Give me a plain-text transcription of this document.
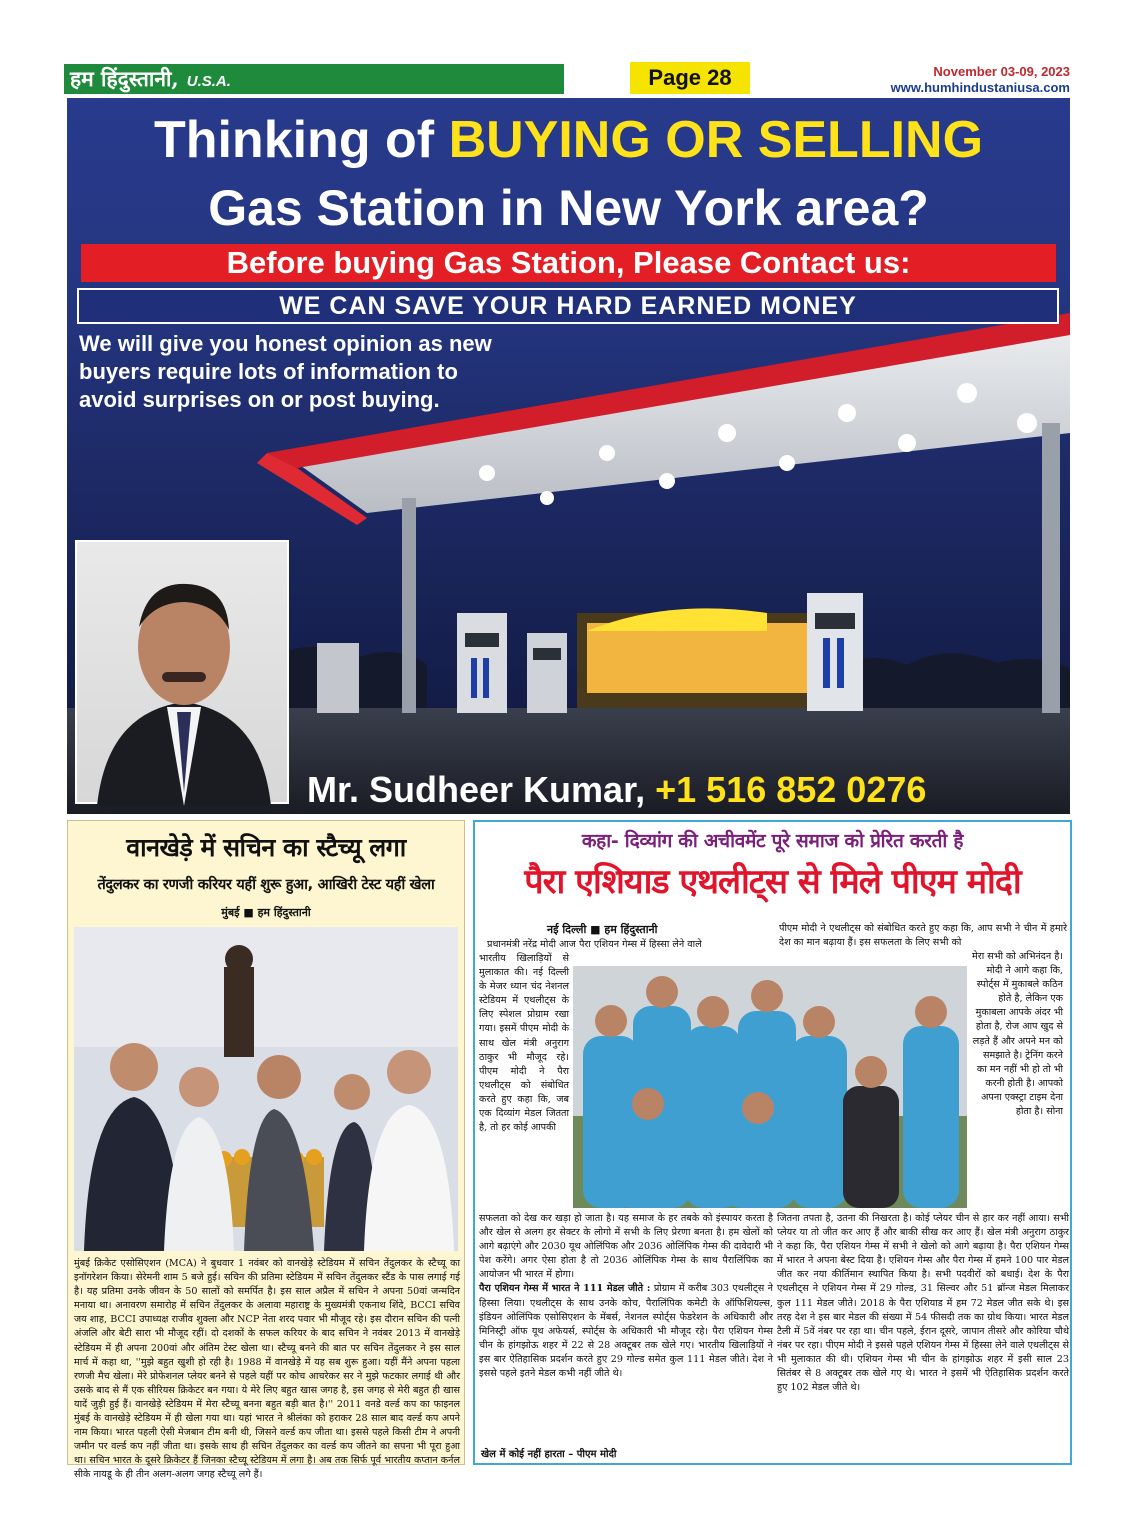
हम हिंदुस्तानी, U.S.A.	Page 28	November 03-09, 2023
www.humhindustaniusa.com
Thinking of BUYING OR SELLING
Gas Station in New York area?
Before buying Gas Station, Please Contact us:
WE CAN SAVE YOUR HARD EARNED MONEY
We will give you honest opinion as new
buyers require lots of information to
avoid surprises on or post buying.
Mr. Sudheer Kumar, +1 516 852 0276
वानखेड़े में सचिन का स्टैच्यू लगा
तेंदुलकर का रणजी करियर यहीं शुरू हुआ, आखिरी टेस्ट यहीं खेला
मुंबई ■ हम हिंदुस्तानी
मुंबई क्रिकेट एसोसिएशन (MCA) ने बुधवार 1 नवंबर को वानखेड़े स्टेडियम में सचिन तेंदुलकर के स्टैच्यू का इनॉगरेशन किया। सेरेमनी शाम 5 बजे हुई। सचिन की प्रतिमा स्टेडियम में सचिन तेंदुलकर स्टैंड के पास लगाई गई है। यह प्रतिमा उनके जीवन के 50 सालों को समर्पित है। इस साल अप्रैल में सचिन ने अपना 50वां जन्मदिन मनाया था। अनावरण समारोह में सचिन तेंदुलकर के अलावा महाराष्ट्र के मुख्यमंत्री एकनाथ शिंदे, BCCI सचिव जय शाह, BCCI उपाध्यक्ष राजीव शुक्ला और NCP नेता शरद पवार भी मौजूद रहे। इस दौरान सचिन की पत्नी अंजलि और बेटी सारा भी मौजूद रहीं। दो दशकों के सफल करियर के बाद सचिन ने नवंबर 2013 में वानखेड़े स्टेडियम में ही अपना 200वां और अंतिम टेस्ट खेला था। स्टैच्यू बनने की बात पर सचिन तेंदुलकर ने इस साल मार्च में कहा था, ''मुझे बहुत खुशी हो रही है। 1988 में वानखेड़े में यह सब शुरू हुआ। यहीं मैंने अपना पहला रणजी मैच खेला। मेरे प्रोफेशनल प्लेयर बनने से पहले यहीं पर कोच आचरेकर सर ने मुझे फटकार लगाई थी और उसके बाद से मैं एक सीरियस क्रिकेटर बन गया। ये मेरे लिए बहुत खास जगह है, इस जगह से मेरी बहुत ही खास यादें जुड़ी हुई हैं। वानखेड़े स्टेडियम में मेरा स्टैच्यू बनना बहुत बड़ी बात है।'' 2011 वनडे वर्ल्ड कप का फाइनल मुंबई के वानखेड़े स्टेडियम में ही खेला गया था। यहां भारत ने श्रीलंका को हराकर 28 साल बाद वर्ल्ड कप अपने नाम किया। भारत पहली ऐसी मेजबान टीम बनी थी, जिसने वर्ल्ड कप जीता था। इससे पहले किसी टीम ने अपनी जमीन पर वर्ल्ड कप नहीं जीता था। इसके साथ ही सचिन तेंदुलकर का वर्ल्ड कप जीतने का सपना भी पूरा हुआ था। सचिन भारत के दूसरे क्रिकेटर हैं जिनका स्टैच्यू स्टेडियम में लगा है। अब तक सिर्फ पूर्व भारतीय कप्तान कर्नल सीके नायडू के ही तीन अलग-अलग जगह स्टैच्यू लगे हैं।
कहा- दिव्यांग की अचीवमेंट पूरे समाज को प्रेरित करती है
पैरा एशियाड एथलीट्स से मिले पीएम मोदी
नई दिल्ली ■ हम हिंदुस्तानी
प्रधानमंत्री नरेंद्र मोदी आज पैरा एशियन गेम्स में हिस्सा लेने वाले
भारतीय खिलाड़ियों से मुलाकात की। नई दिल्ली के मेजर ध्यान चंद नेशनल स्टेडियम में एथलीट्स के लिए स्पेशल प्रोग्राम रखा गया। इसमें पीएम मोदी के साथ खेल मंत्री अनुराग ठाकुर भी मौजूद रहे। पीएम मोदी ने पैरा एथलीट्स को संबोधित करते हुए कहा कि, जब एक दिव्यांग मेडल जितता है, तो हर कोई आपकी
पीएम मोदी ने एथलीट्स को संबोधित करते हुए कहा कि, आप सभी ने चीन में हमारे देश का मान बढ़ाया हैं। इस सफलता के लिए सभी को
मेरा सभी को अभिनंदन है। मोदी ने आगे कहा कि, स्पोर्ट्स में मुकाबले कठिन होते है, लेकिन एक मुकाबला आपके अंदर भी होता है, रोज आप खुद से लड़ते हैं और अपने मन को समझाते है। ट्रेनिंग करने का मन नहीं भी हो तो भी करनी होती है। आपको अपना एक्स्ट्रा टाइम देना होता है। सोना
सफलता को देख कर खड़ा हो जाता है। यह समाज के हर तबके को इंस्पायर करता है और खेल से अलग हर सेक्टर के लोगो में सभी के लिए प्रेरणा बनता है। हम खेलों को आगे बढ़ाएंगे और 2030 यूथ ओलिंपिक और 2036 ओलिंपिक गेम्स की दावेदारी भी पेश करेंगे। अगर ऐसा होता है तो 2036 ओलिंपिक गेम्स के साथ पैरालिंपिक का आयोजन भी भारत में होगा।
पैरा एशियन गेम्स में भारत ने 111 मेडल जीते : प्रोग्राम में करीब 303 एथलीट्स ने हिस्सा लिया। एथलीट्स के साथ उनके कोच, पैरालिंपिक कमेटी के ऑफिशियल्स, इंडियन ओलिंपिक एसोसिएशन के मेंबर्स, नेशनल स्पोर्ट्स फेडरेशन के अधिकारी और मिनिस्ट्री ऑफ यूथ अफेयर्स, स्पोर्ट्स के अधिकारी भी मौजूद रहे। पैरा एशियन गेम्स चीन के हांगझोऊ शहर में 22 से 28 अक्टूबर तक खेले गए। भारतीय खिलाड़ियों ने इस बार ऐतिहासिक प्रदर्शन करते हुए 29 गोल्ड समेत कुल 111 मेडल जीते। देश ने इससे पहले इतने मेडल कभी नहीं जीते थे।
जितना तपता है, उतना की निखरता है। कोई प्लेयर चीन से हार कर नहीं आया। सभी प्लेयर या तो जीत कर आए हैं और बाकी सीख कर आए हैं। खेल मंत्री अनुराग ठाकुर ने कहा कि, पैरा एशियन गेम्स में सभी ने खेलो को आगे बढ़ाया है। पैरा एशियन गेम्स में भारत ने अपना बेस्ट दिया है। एशियन गेम्स और पैरा गेम्स में हमने 100 पार मेडल जीत कर नया कीर्तिमान स्थापित किया है। सभी पदवीरों को बधाई। देश के पैरा एथलीट्स ने एशियन गेम्स में 29 गोल्ड, 31 सिल्वर और 51 ब्रॉन्ज मेडल मिलाकर कुल 111 मेडल जीते। 2018 के पैरा एशियाड में हम 72 मेडल जीत सके थे। इस तरह देश ने इस बार मेडल की संख्या में 54 फीसदी तक का ग्रोथ किया। भारत मेडल टैली में 5वें नंबर पर रहा था। चीन पहले, ईरान दूसरे, जापान तीसरे और कोरिया चौथे नंबर पर रहा। पीएम मोदी ने इससे पहले एशियन गेम्स में हिस्सा लेने वाले एथलीट्स से भी मुलाकात की थी। एशियन गेम्स भी चीन के हांगझोऊ शहर में इसी साल 23 सितंबर से 8 अक्टूबर तक खेले गए थे। भारत ने इसमें भी ऐतिहासिक प्रदर्शन करते हुए 102 मेडल जीते थे।
खेल में कोई नहीं हारता – पीएम मोदी
